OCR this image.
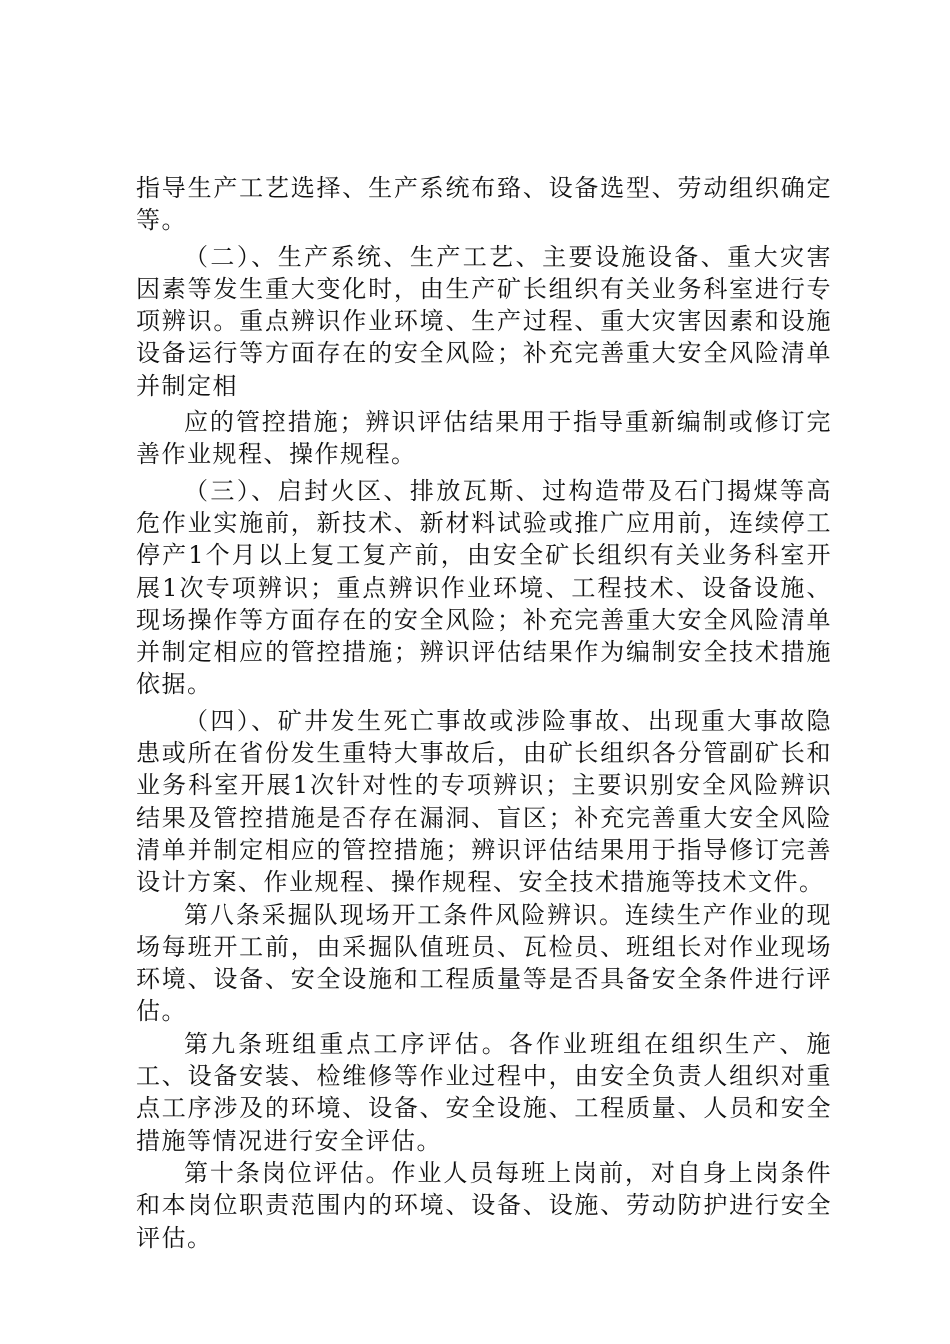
指导生产工艺选择、生产系统布臵、设备选型、劳动组织确定等。

（二）、生产系统、生产工艺、主要设施设备、重大灾害因素等发生重大变化时，由生产矿长组织有关业务科室进行专项辨识。重点辨识作业环境、生产过程、重大灾害因素和设施设备运行等方面存在的安全风险；补充完善重大安全风险清单并制定相

应的管控措施；辨识评估结果用于指导重新编制或修订完善作业规程、操作规程。

（三）、启封火区、排放瓦斯、过构造带及石门揭煤等高危作业实施前，新技术、新材料试验或推广应用前，连续停工停产1个月以上复工复产前，由安全矿长组织有关业务科室开展1次专项辨识；重点辨识作业环境、工程技术、设备设施、现场操作等方面存在的安全风险；补充完善重大安全风险清单并制定相应的管控措施；辨识评估结果作为编制安全技术措施依据。

（四）、矿井发生死亡事故或涉险事故、出现重大事故隐患或所在省份发生重特大事故后，由矿长组织各分管副矿长和业务科室开展1次针对性的专项辨识；主要识别安全风险辨识结果及管控措施是否存在漏洞、盲区；补充完善重大安全风险清单并制定相应的管控措施；辨识评估结果用于指导修订完善设计方案、作业规程、操作规程、安全技术措施等技术文件。

第八条采掘队现场开工条件风险辨识。连续生产作业的现场每班开工前，由采掘队值班员、瓦检员、班组长对作业现场环境、设备、安全设施和工程质量等是否具备安全条件进行评估。

第九条班组重点工序评估。各作业班组在组织生产、施工、设备安装、检维修等作业过程中，由安全负责人组织对重点工序涉及的环境、设备、安全设施、工程质量、人员和安全措施等情况进行安全评估。

第十条岗位评估。作业人员每班上岗前，对自身上岗条件和本岗位职责范围内的环境、设备、设施、劳动防护进行安全评估。
